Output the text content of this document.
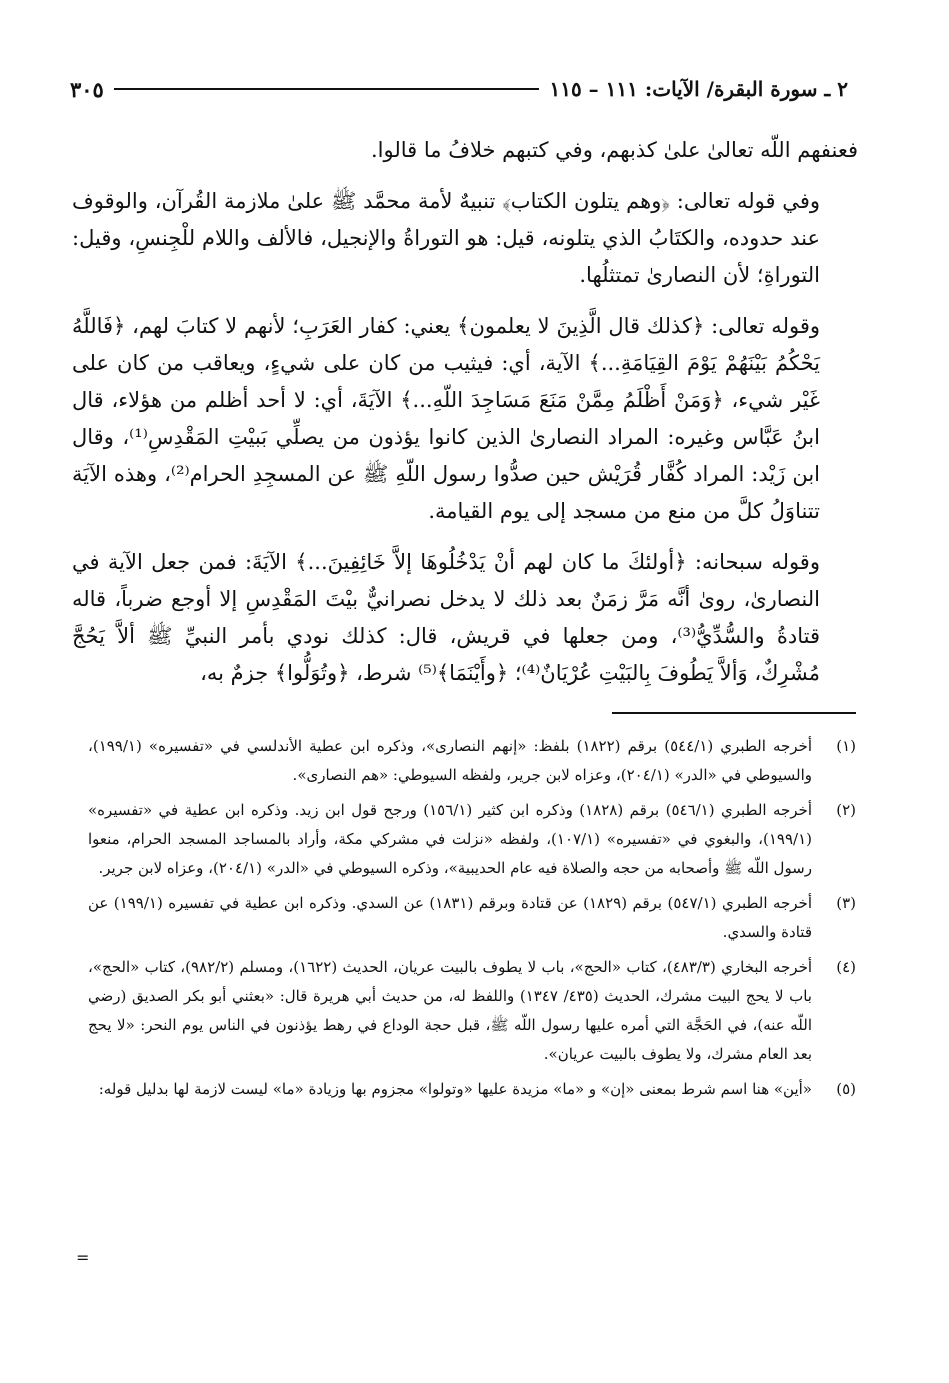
٢ ـ سورة البقرة/ الآيات: ١١١ – ١١٥
٣٠٥

فعنفهم اللّه تعالىٰ علىٰ كذبهم، وفي كتبهم خلافُ ما قالوا.

وفي قوله تعالى: ﴿وهم يتلون الكتاب﴾ تنبيهٌ لأمة محمَّد ﷺ علىٰ ملازمة القُرآن، والوقوف عند حدوده، والكتَابُ الذي يتلونه، قيل: هو التوراةُ والإنجيل، فالألف واللام للْجِنسِ، وقيل: التوراةِ؛ لأن النصارىٰ تمتثلُها.

وقوله تعالى: ﴿كذلك قال الَّذِينَ لا يعلمون﴾ يعني: كفار العَرَبِ؛ لأنهم لا كتابَ لهم، ﴿فَاللَّهُ يَحْكُمُ بَيْنَهُمْ يَوْمَ القِيَامَةِ...﴾ الآية، أي: فيثيب من كان على شيءٍ، ويعاقب من كان على غَيْر شيء، ﴿وَمَنْ أَظْلَمُ مِمَّنْ مَنَعَ مَسَاجِدَ اللّهِ...﴾ الآيَةَ، أي: لا أحد أظلم من هؤلاء، قال ابنُ عَبَّاس وغيره: المراد النصارىٰ الذين كانوا يؤذون من يصلِّي بَبيْتِ المَقْدِسِ⁽¹⁾، وقال ابن زَيْد: المراد كُفَّار قُرَيْش حين صدُّوا رسول اللّهِ ﷺ عن المسجِدِ الحرام⁽²⁾، وهذه الآيَة تتناوَلُ كلَّ من منع من مسجد إلى يوم القيامة.

وقوله سبحانه: ﴿أولئكَ ما كان لهم أنْ يَدْخُلُوهَا إلاَّ خَائِفِينَ...﴾ الآيَةَ: فمن جعل الآية في النصارىٰ، روىٰ أنَّه مَرَّ زمَنٌ بعد ذلك لا يدخل نصرانيٌّ بيْتَ المَقْدِسِ إلا أوجع ضرباً، قاله قتادةُ والسُّدِّيُّ⁽³⁾، ومن جعلها في قريش، قال: كذلك نودي بأمر النبيِّ ﷺ ألاَّ يَحُجَّ مُشْرِكٌ، وَألاَّ يَطُوفَ بِالبَيْتِ عُرْيَانٌ⁽⁴⁾؛ ﴿وأَيْنَمَا﴾⁽⁵⁾ شرط، ﴿وتُوَلُّوا﴾ جزمٌ به،

(١)
أخرجه الطبري (٥٤٤/١) برقم (١٨٢٢) بلفظ: «إنهم النصارى»، وذكره ابن عطية الأندلسي في «تفسيره» (١٩٩/١)، والسيوطي في «الدر» (٢٠٤/١)، وعزاه لابن جرير، ولفظه السيوطي: «هم النصارى».
(٢)
أخرجه الطبري (٥٤٦/١) برقم (١٨٢٨) وذكره ابن كثير (١٥٦/١) ورجح قول ابن زيد. وذكره ابن عطية في «تفسيره» (١٩٩/١)، والبغوي في «تفسيره» (١٠٧/١)، ولفظه «نزلت في مشركي مكة، وأراد بالمساجد المسجد الحرام، منعوا رسول اللّه ﷺ وأصحابه من حجه والصلاة فيه عام الحديبية»، وذكره السيوطي في «الدر» (٢٠٤/١)، وعزاه لابن جرير.
(٣)
أخرجه الطبري (٥٤٧/١) برقم (١٨٢٩) عن قتادة وبرقم (١٨٣١) عن السدي. وذكره ابن عطية في تفسيره (١٩٩/١) عن قتادة والسدي.
(٤)
أخرجه البخاري (٤٨٣/٣)، كتاب «الحج»، باب لا يطوف بالبيت عريان، الحديث (١٦٢٢)، ومسلم (٩٨٢/٢)، كتاب «الحج»، باب لا يحج البيت مشرك، الحديث (٤٣٥/ ١٣٤٧) واللفظ له، من حديث أبي هريرة قال: «بعثني أبو بكر الصديق (رضي اللّه عنه)، في الحَجَّة التي أمره عليها رسول اللّه ﷺ، قبل حجة الوداع في رهط يؤذنون في الناس يوم النحر: «لا يحج بعد العام مشرك، ولا يطوف بالبيت عريان».
(٥)
«أين» هنا اسم شرط بمعنى «إن» و «ما» مزيدة عليها «وتولوا» مجزوم بها وزيادة «ما» ليست لازمة لها بدليل قوله:
=
